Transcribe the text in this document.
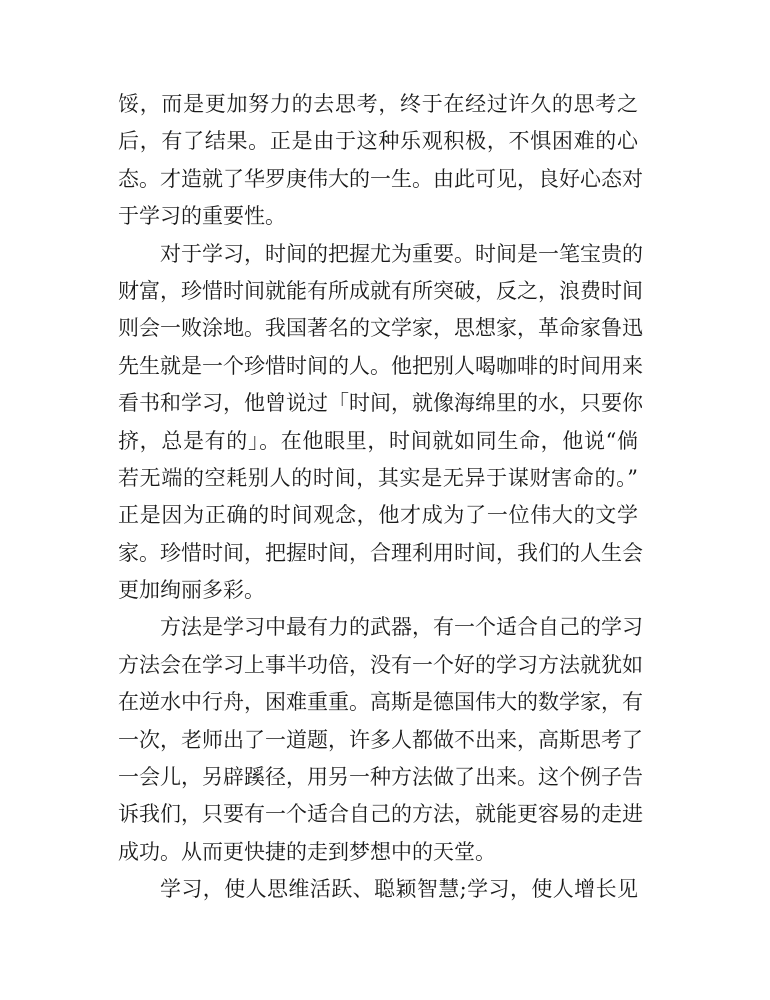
馁，而是更加努力的去思考，终于在经过许久的思考之
后，有了结果。正是由于这种乐观积极，不惧困难的心
态。才造就了华罗庚伟大的一生。由此可见，良好心态对
于学习的重要性。
对于学习，时间的把握尤为重要。时间是一笔宝贵的
财富，珍惜时间就能有所成就有所突破，反之，浪费时间
则会一败涂地。我国著名的文学家，思想家，革命家鲁迅
先生就是一个珍惜时间的人。他把别人喝咖啡的时间用来
看书和学习，他曾说过「时间，就像海绵里的水，只要你
挤，总是有的」。在他眼里，时间就如同生命，他说“倘
若无端的空耗别人的时间，其实是无异于谋财害命的。”
正是因为正确的时间观念，他才成为了一位伟大的文学
家。珍惜时间，把握时间，合理利用时间，我们的人生会
更加绚丽多彩。
方法是学习中最有力的武器，有一个适合自己的学习
方法会在学习上事半功倍，没有一个好的学习方法就犹如
在逆水中行舟，困难重重。高斯是德国伟大的数学家，有
一次，老师出了一道题，许多人都做不出来，高斯思考了
一会儿，另辟蹊径，用另一种方法做了出来。这个例子告
诉我们，只要有一个适合自己的方法，就能更容易的走进
成功。从而更快捷的走到梦想中的天堂。
学习，使人思维活跃、聪颖智慧;学习，使人增长见
